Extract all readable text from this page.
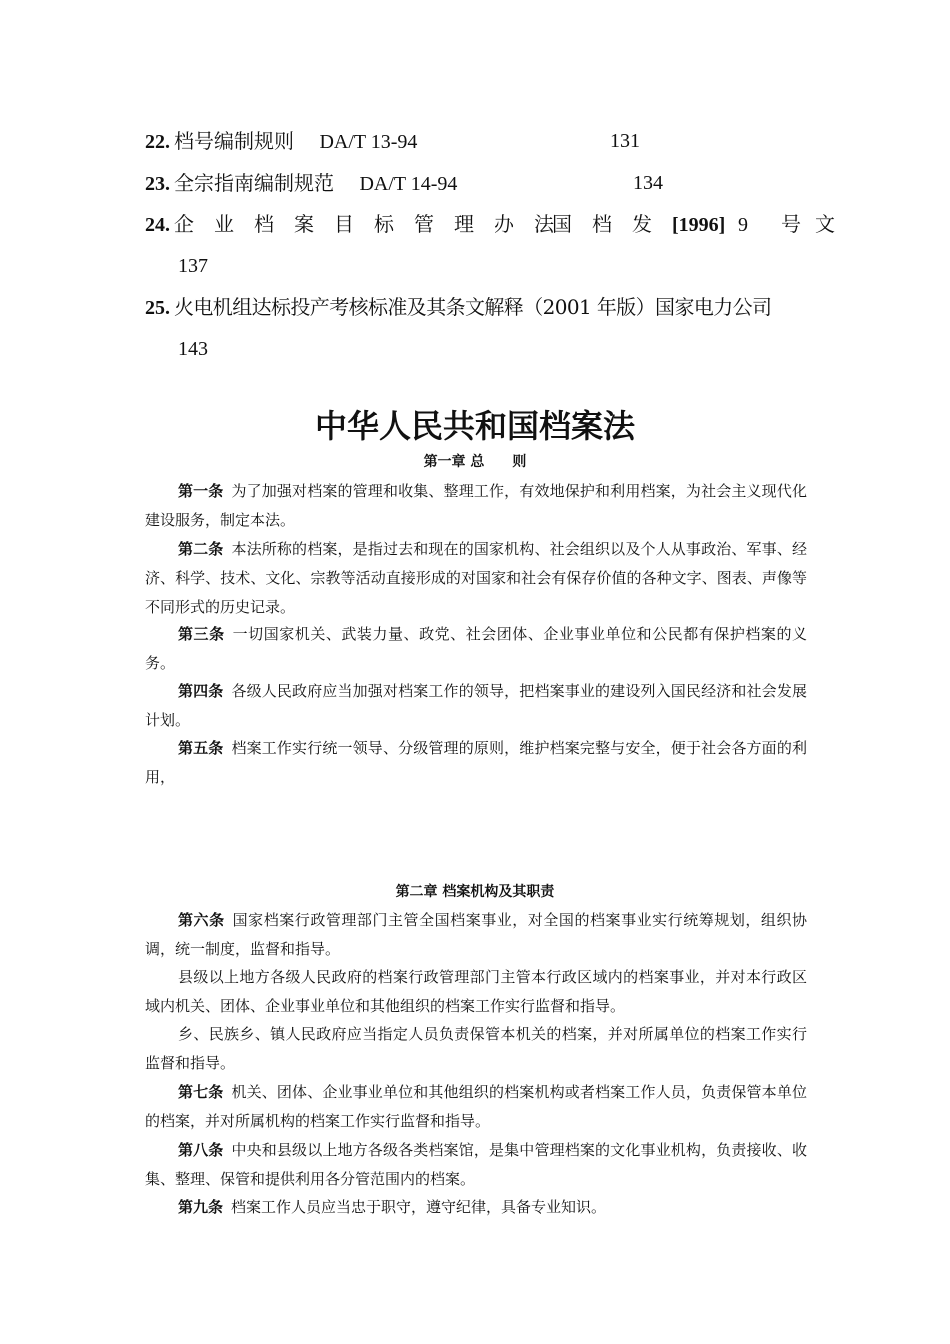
22. 档号编制规则 DA/T 13-94	131
23. 全宗指南编制规范 DA/T 14-94	134
24. 企业档案目标管理办法
国档发[1996] 9 号文
137
25. 火电机组达标投产考核标准及其条文解释（2001 年版）国家电力公司
143
中华人民共和国档案法
第一章 总　　则

第一条 为了加强对档案的管理和收集、整理工作，有效地保护和利用档案，为社会主义现代化建设服务，制定本法。

第二条 本法所称的档案，是指过去和现在的国家机构、社会组织以及个人从事政治、军事、经济、科学、技术、文化、宗教等活动直接形成的对国家和社会有保存价值的各种文字、图表、声像等不同形式的历史记录。

第三条 一切国家机关、武装力量、政党、社会团体、企业事业单位和公民都有保护档案的义务。

第四条 各级人民政府应当加强对档案工作的领导，把档案事业的建设列入国民经济和社会发展计划。

第五条 档案工作实行统一领导、分级管理的原则，维护档案完整与安全，便于社会各方面的利用，

第二章 档案机构及其职责

第六条 国家档案行政管理部门主管全国档案事业，对全国的档案事业实行统筹规划，组织协调，统一制度，监督和指导。

县级以上地方各级人民政府的档案行政管理部门主管本行政区域内的档案事业，并对本行政区域内机关、团体、企业事业单位和其他组织的档案工作实行监督和指导。

乡、民族乡、镇人民政府应当指定人员负责保管本机关的档案，并对所属单位的档案工作实行监督和指导。

第七条 机关、团体、企业事业单位和其他组织的档案机构或者档案工作人员，负责保管本单位的档案，并对所属机构的档案工作实行监督和指导。

第八条 中央和县级以上地方各级各类档案馆，是集中管理档案的文化事业机构，负责接收、收集、整理、保管和提供利用各分管范围内的档案。

第九条 档案工作人员应当忠于职守，遵守纪律，具备专业知识。
